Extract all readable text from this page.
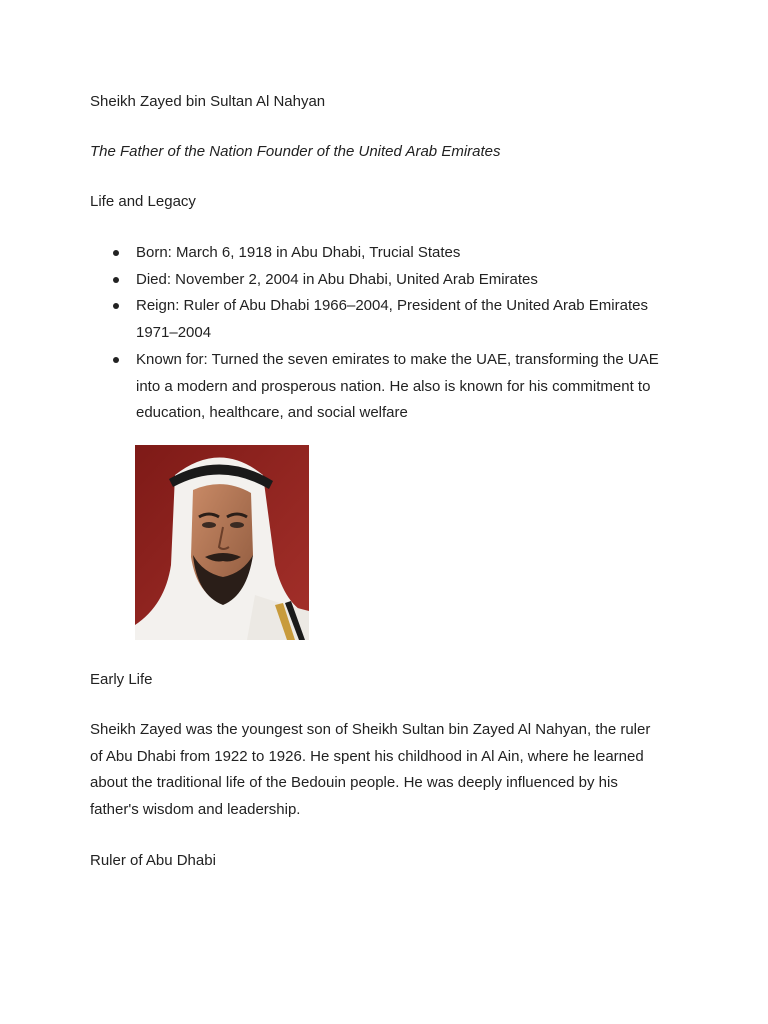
Sheikh Zayed bin Sultan Al Nahyan
The Father of the Nation Founder of the United Arab Emirates
Life and Legacy
Born: March 6, 1918 in Abu Dhabi, Trucial States
Died: November 2, 2004 in Abu Dhabi, United Arab Emirates
Reign: Ruler of Abu Dhabi 1966–2004, President of the United Arab Emirates 1971–2004
Known for: Turned the seven emirates to make the UAE, transforming the UAE into a modern and prosperous nation. He also is known for his commitment to education, healthcare, and social welfare
Early Life
Sheikh Zayed was the youngest son of Sheikh Sultan bin Zayed Al Nahyan, the ruler of Abu Dhabi from 1922 to 1926. He spent his childhood in Al Ain, where he learned about the traditional life of the Bedouin people. He was deeply influenced by his father's wisdom and leadership.
Ruler of Abu Dhabi
